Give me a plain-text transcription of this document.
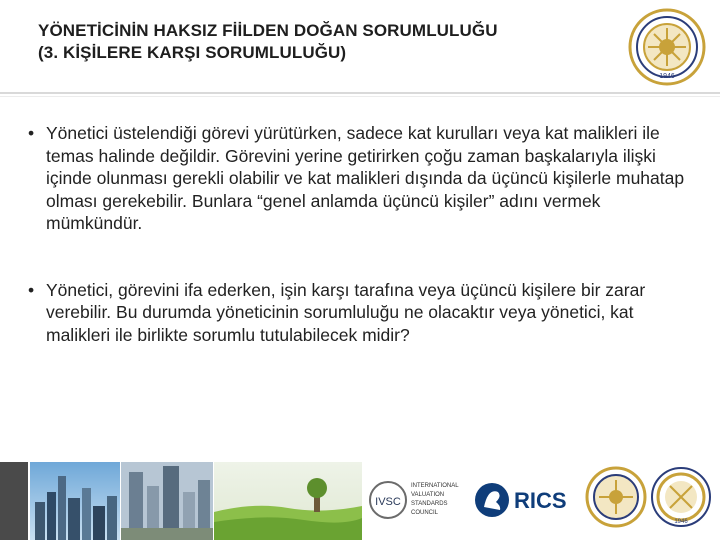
YÖNETİCİNİN HAKSIZ FİİLDEN DOĞAN SORUMLULUĞU
(3. KİŞİLERE KARŞI SORUMLULUĞU)
1946
• Yönetici üstelendiği görevi yürütürken, sadece kat kurulları veya kat malikleri ile temas halinde değildir. Görevini yerine getirirken çoğu zaman başkalarıyla ilişki içinde olunması gerekli olabilir ve kat malikleri dışında da üçüncü kişilerle muhatap olması gerekebilir. Bunlara “genel anlamda üçüncü kişiler” adını vermek mümkündür.
• Yönetici, görevini ifa ederken, işin karşı tarafına veya üçüncü kişilere bir zarar verebilir. Bu durumda yöneticinin sorumluluğu ne olacaktır veya yönetici, kat malikleri ile birlikte sorumlu tutulabilecek midir?
IVSC
INTERNATIONAL
VALUATION
STANDARDS
COUNCIL	RICS
1946
